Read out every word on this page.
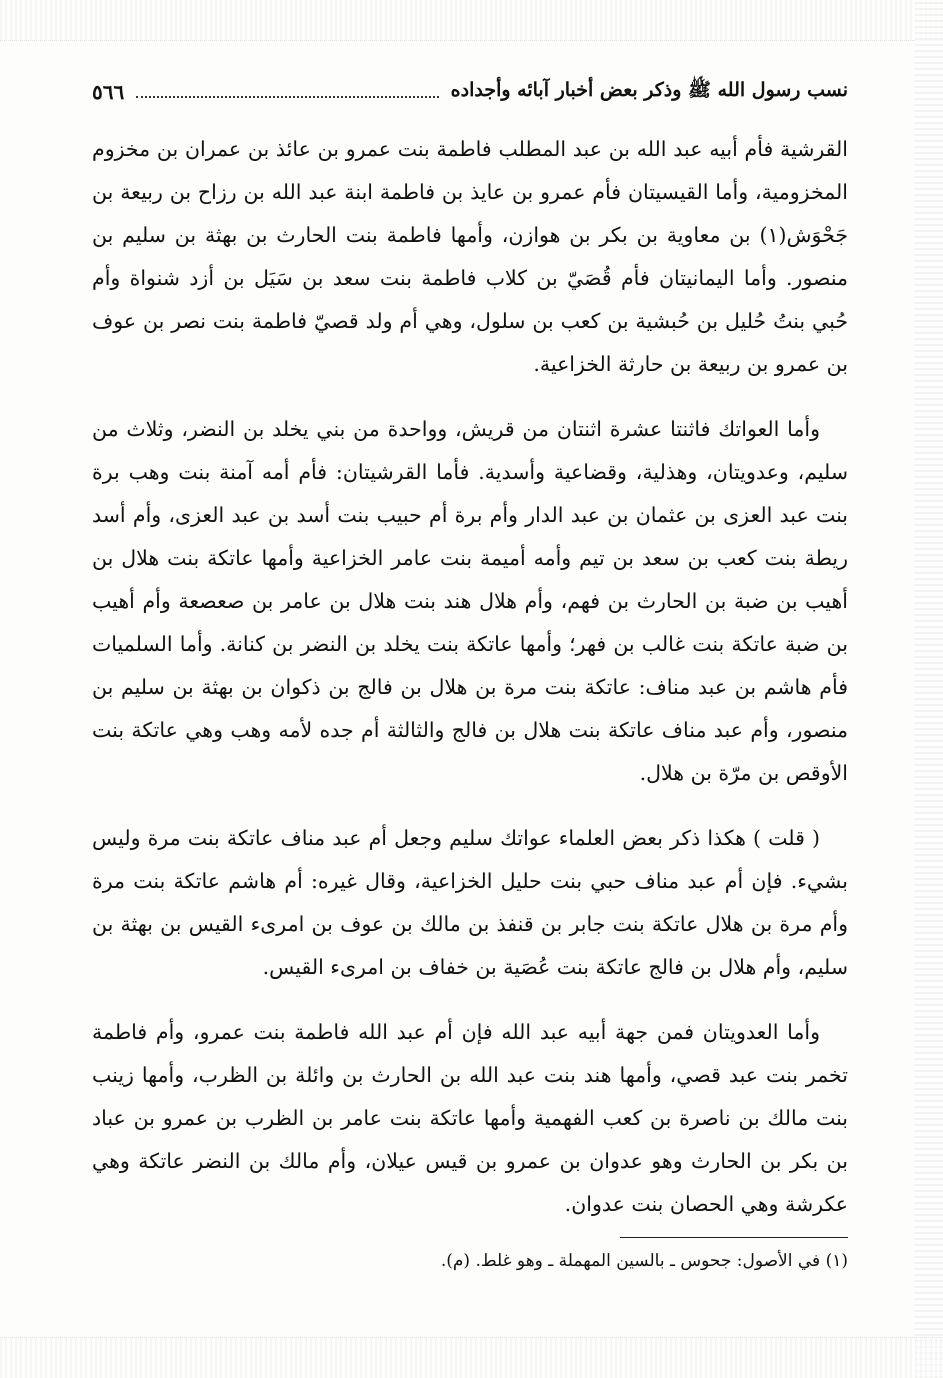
نسب رسول الله ﷺ وذكر بعض أخبار آبائه وأجداده
٥٦٦

القرشية فأم أبيه عبد الله بن عبد المطلب فاطمة بنت عمرو بن عائذ بن عمران بن مخزوم المخزومية، وأما القيسيتان فأم عمرو بن عايذ بن فاطمة ابنة عبد الله بن رزاح بن ربيعة بن جَحْوَش(١) بن معاوية بن بكر بن هوازن، وأمها فاطمة بنت الحارث بن بهثة بن سليم بن منصور. وأما اليمانيتان فأم قُصَيّ بن كلاب فاطمة بنت سعد بن سَيَل بن أزد شنواة وأم حُبي بنتُ حُليل بن حُبشية بن كعب بن سلول، وهي أم ولد قصيّ فاطمة بنت نصر بن عوف بن عمرو بن ربيعة بن حارثة الخزاعية.

وأما العواتك فاثنتا عشرة اثنتان من قريش، وواحدة من بني يخلد بن النضر، وثلاث من سليم، وعدويتان، وهذلية، وقضاعية وأسدية. فأما القرشيتان: فأم أمه آمنة بنت وهب برة بنت عبد العزى بن عثمان بن عبد الدار وأم برة أم حبيب بنت أسد بن عبد العزى، وأم أسد ريطة بنت كعب بن سعد بن تيم وأمه أميمة بنت عامر الخزاعية وأمها عاتكة بنت هلال بن أهيب بن ضبة بن الحارث بن فهم، وأم هلال هند بنت هلال بن عامر بن صعصعة وأم أهيب بن ضبة عاتكة بنت غالب بن فهر؛ وأمها عاتكة بنت يخلد بن النضر بن كنانة. وأما السلميات فأم هاشم بن عبد مناف: عاتكة بنت مرة بن هلال بن فالج بن ذكوان بن بهثة بن سليم بن منصور، وأم عبد مناف عاتكة بنت هلال بن فالج والثالثة أم جده لأمه وهب وهي عاتكة بنت الأوقص بن مرّة بن هلال.

( قلت ) هكذا ذكر بعض العلماء عواتك سليم وجعل أم عبد مناف عاتكة بنت مرة وليس بشيء. فإن أم عبد مناف حبي بنت حليل الخزاعية، وقال غيره: أم هاشم عاتكة بنت مرة وأم مرة بن هلال عاتكة بنت جابر بن قنفذ بن مالك بن عوف بن امرىء القيس بن بهثة بن سليم، وأم هلال بن فالج عاتكة بنت عُصَية بن خفاف بن امرىء القيس.

وأما العدويتان فمن جهة أبيه عبد الله فإن أم عبد الله فاطمة بنت عمرو، وأم فاطمة تخمر بنت عبد قصي، وأمها هند بنت عبد الله بن الحارث بن وائلة بن الظرب، وأمها زينب بنت مالك بن ناصرة بن كعب الفهمية وأمها عاتكة بنت عامر بن الظرب بن عمرو بن عباد بن بكر بن الحارث وهو عدوان بن عمرو بن قيس عيلان، وأم مالك بن النضر عاتكة وهي عكرشة وهي الحصان بنت عدوان.

(١) في الأصول: جحوس ـ بالسين المهملة ـ وهو غلط. (م).
